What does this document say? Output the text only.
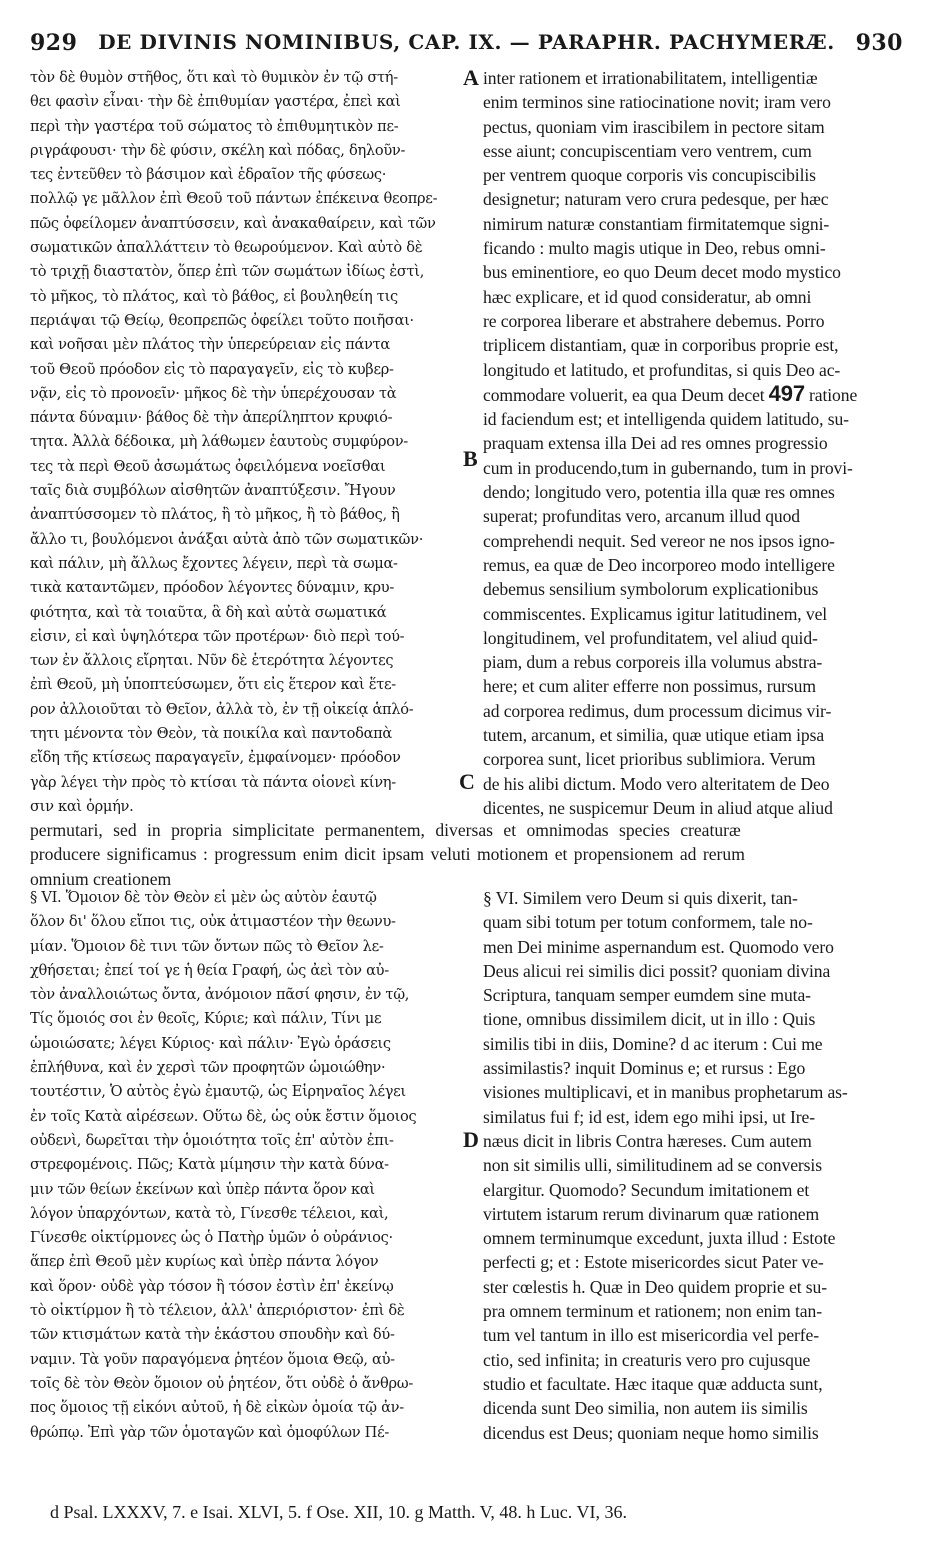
929	DE DIVINIS NOMINIBUS, CAP. IX. — PARAPHR. PACHYMERÆ. 930

τὸν δὲ θυμὸν στῆθος, ὅτι καὶ τὸ θυμικὸν ἐν τῷ στή-

θει φασὶν εἶναι· τὴν δὲ ἐπιθυμίαν γαστέρα, ἐπεὶ καὶ

περὶ τὴν γαστέρα τοῦ σώματος τὸ ἐπιθυμητικὸν πε-

ριγράφουσι· τὴν δὲ φύσιν, σκέλη καὶ πόδας, δηλοῦν-

τες ἐντεῦθεν τὸ βάσιμον καὶ ἑδραῖον τῆς φύσεως·

πολλῷ γε μᾶλλον ἐπὶ Θεοῦ τοῦ πάντων ἐπέκεινα θεοπρε-

πῶς ὀφείλομεν ἀναπτύσσειν, καὶ ἀνακαθαίρειν, καὶ τῶν

σωματικῶν ἀπαλλάττειν τὸ θεωρούμενον. Καὶ αὐτὸ δὲ

τὸ τριχῇ διαστατὸν, ὅπερ ἐπὶ τῶν σωμάτων ἰδίως ἐστὶ,

τὸ μῆκος, τὸ πλάτος, καὶ τὸ βάθος, εἰ βουληθείη τις

περιάψαι τῷ Θείῳ, θεοπρεπῶς ὀφείλει τοῦτο ποιῆσαι·

καὶ νοῆσαι μὲν πλάτος τὴν ὑπερεύρειαν εἰς πάντα

τοῦ Θεοῦ πρόοδον εἰς τὸ παραγαγεῖν, εἰς τὸ κυβερ-

νᾷν, εἰς τὸ προνοεῖν· μῆκος δὲ τὴν ὑπερέχουσαν τὰ

πάντα δύναμιν· βάθος δὲ τὴν ἀπερίληπτον κρυφιό-

τητα. Ἀλλὰ δέδοικα, μὴ λάθωμεν ἑαυτοὺς συμφύρον-

τες τὰ περὶ Θεοῦ ἀσωμάτως ὀφειλόμενα νοεῖσθαι

ταῖς διὰ συμβόλων αἰσθητῶν ἀναπτύξεσιν. Ἤγουν

ἀναπτύσσομεν τὸ πλάτος, ἢ τὸ μῆκος, ἢ τὸ βάθος, ἢ

ἄλλο τι, βουλόμενοι ἀνάξαι αὐτὰ ἀπὸ τῶν σωματικῶν·

καὶ πάλιν, μὴ ἄλλως ἔχοντες λέγειν, περὶ τὰ σωμα-

τικὰ καταντῶμεν, πρόοδον λέγοντες δύναμιν, κρυ-

φιότητα, καὶ τὰ τοιαῦτα, ἃ δὴ καὶ αὐτὰ σωματικά

εἰσιν, εἰ καὶ ὑψηλότερα τῶν προτέρων· διὸ περὶ τού-

των ἐν ἄλλοις εἴρηται. Νῦν δὲ ἑτερότητα λέγοντες

ἐπὶ Θεοῦ, μὴ ὑποπτεύσωμεν, ὅτι εἰς ἕτερον καὶ ἕτε-

ρον ἀλλοιοῦται τὸ Θεῖον, ἀλλὰ τὸ, ἐν τῇ οἰκείᾳ ἁπλό-

τητι μένοντα τὸν Θεὸν, τὰ ποικίλα καὶ παντοδαπὰ

εἴδη τῆς κτίσεως παραγαγεῖν, ἐμφαίνομεν· πρόοδον

γὰρ λέγει τὴν πρὸς τὸ κτίσαι τὰ πάντα οἱονεὶ κίνη-

σιν καὶ ὁρμήν.

inter rationem et irrationabilitatem, intelligentiæ

enim terminos sine ratiocinatione novit; iram vero

pectus, quoniam vim irascibilem in pectore sitam

esse aiunt; concupiscentiam vero ventrem, cum

per ventrem quoque corporis vis concupiscibilis

designetur; naturam vero crura pedesque, per hæc

nimirum naturæ constantiam firmitatemque signi-

ficando : multo magis utique in Deo, rebus omni-

bus eminentiore, eo quo Deum decet modo mystico

hæc explicare, et id quod consideratur, ab omni

re corporea liberare et abstrahere debemus. Porro

triplicem distantiam, quæ in corporibus proprie est,

longitudo et latitudo, et profunditas, si quis Deo ac-

commodare voluerit, ea qua Deum decet 497 ratione

id faciendum est; et intelligenda quidem latitudo, su-

praquam extensa illa Dei ad res omnes progressio

cum in producendo,tum in gubernando, tum in provi-

dendo; longitudo vero, potentia illa quæ res omnes

superat; profunditas vero, arcanum illud quod

comprehendi nequit. Sed vereor ne nos ipsos igno-

remus, ea quæ de Deo incorporeo modo intelligere

debemus sensilium symbolorum explicationibus

commiscentes. Explicamus igitur latitudinem, vel

longitudinem, vel profunditatem, vel aliud quid-

piam, dum a rebus corporeis illa volumus abstra-

here; et cum aliter efferre non possimus, rursum

ad corporea redimus, dum processum dicimus vir-

tutem, arcanum, et similia, quæ utique etiam ipsa

corporea sunt, licet prioribus sublimiora. Verum

de his alibi dictum. Modo vero alteritatem de Deo

dicentes, ne suspicemur Deum in aliud atque aliud

A
B
C
D

permutari, sed in propria simplicitate permanentem, diversas et omnimodas species creaturæ

producere significamus : progressum enim dicit ipsam veluti motionem et propensionem ad rerum

omnium creationem

§ VI. Ὅμοιον δὲ τὸν Θεὸν εἰ μὲν ὡς αὐτὸν ἑαυτῷ

ὅλον δι' ὅλου εἴποι τις, οὐκ ἀτιμαστέον τὴν θεωνυ-

μίαν. Ὅμοιον δὲ τινι τῶν ὄντων πῶς τὸ Θεῖον λε-

χθήσεται; ἐπεί τοί γε ἡ θεία Γραφή, ὡς ἀεὶ τὸν αὐ-

τὸν ἀναλλοιώτως ὄντα, ἀνόμοιον πᾶσί φησιν, ἐν τῷ,

Τίς ὅμοιός σοι ἐν θεοῖς, Κύριε; καὶ πάλιν, Τίνι με

ὡμοιώσατε; λέγει Κύριος· καὶ πάλιν· Ἐγὼ ὁράσεις

ἐπλήθυνα, καὶ ἐν χερσὶ τῶν προφητῶν ὡμοιώθην·

τουτέστιν, Ὁ αὐτὸς ἐγὼ ἐμαυτῷ, ὡς Εἰρηναῖος λέγει

ἐν τοῖς Κατὰ αἱρέσεων. Οὕτω δὲ, ὡς οὐκ ἔστιν ὅμοιος

οὐδενὶ, δωρεῖται τὴν ὁμοιότητα τοῖς ἐπ' αὐτὸν ἐπι-

στρεφομένοις. Πῶς; Κατὰ μίμησιν τὴν κατὰ δύνα-

μιν τῶν θείων ἐκείνων καὶ ὑπὲρ πάντα ὅρον καὶ

λόγον ὑπαρχόντων, κατὰ τὸ, Γίνεσθε τέλειοι, καὶ,

Γίνεσθε οἰκτίρμονες ὡς ὁ Πατὴρ ὑμῶν ὁ οὐράνιος·

ἅπερ ἐπὶ Θεοῦ μὲν κυρίως καὶ ὑπὲρ πάντα λόγον

καὶ ὅρον· οὐδὲ γὰρ τόσον ἢ τόσον ἐστὶν ἐπ' ἐκείνῳ

τὸ οἰκτίρμον ἢ τὸ τέλειον, ἀλλ' ἀπεριόριστον· ἐπὶ δὲ

τῶν κτισμάτων κατὰ τὴν ἑκάστου σπουδὴν καὶ δύ-

ναμιν. Τὰ γοῦν παραγόμενα ῥητέον ὅμοια Θεῷ, αὐ-

τοῖς δὲ τὸν Θεὸν ὅμοιον οὐ ῥητέον, ὅτι οὐδὲ ὁ ἄνθρω-

πος ὅμοιος τῇ εἰκόνι αὐτοῦ, ἡ δὲ εἰκὼν ὁμοία τῷ ἀν-

θρώπῳ. Ἐπὶ γὰρ τῶν ὁμοταγῶν καὶ ὁμοφύλων Πέ-

§ VI. Similem vero Deum si quis dixerit, tan-

quam sibi totum per totum conformem, tale no-

men Dei minime aspernandum est. Quomodo vero

Deus alicui rei similis dici possit? quoniam divina

Scriptura, tanquam semper eumdem sine muta-

tione, omnibus dissimilem dicit, ut in illo : Quis

similis tibi in diis, Domine? d ac iterum : Cui me

assimilastis? inquit Dominus e; et rursus : Ego

visiones multiplicavi, et in manibus prophetarum as-

similatus fui f; id est, idem ego mihi ipsi, ut Ire-

næus dicit in libris Contra hæreses. Cum autem

non sit similis ulli, similitudinem ad se conversis

elargitur. Quomodo? Secundum imitationem et

virtutem istarum rerum divinarum quæ rationem

omnem terminumque excedunt, juxta illud : Estote

perfecti g; et : Estote misericordes sicut Pater ve-

ster cœlestis h. Quæ in Deo quidem proprie et su-

pra omnem terminum et rationem; non enim tan-

tum vel tantum in illo est misericordia vel perfe-

ctio, sed infinita; in creaturis vero pro cujusque

studio et facultate. Hæc itaque quæ adducta sunt,

dicenda sunt Deo similia, non autem iis similis

dicendus est Deus; quoniam neque homo similis

d Psal. LXXXV, 7. e Isai. XLVI, 5. f Ose. XII, 10. g Matth. V, 48. h Luc. VI, 36.
